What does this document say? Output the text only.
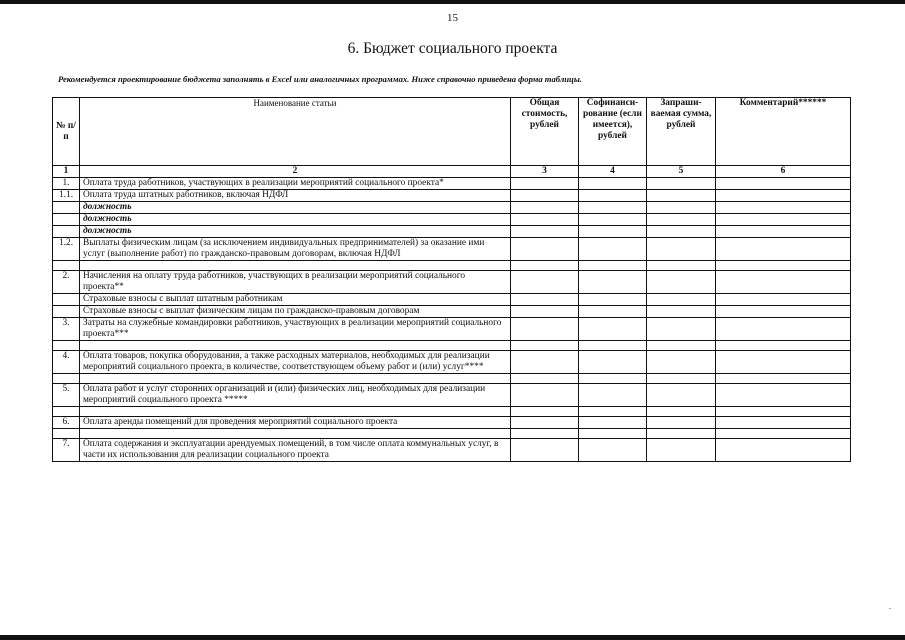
15
6. Бюджет социального проекта
Рекомендуется проектирование бюджета заполнять в Excel или аналогичных программах. Ниже справочно приведена форма таблицы.
№ п/п	Наименование статьи	Общая стоимость, рублей	Софинанси-рование (если имеется), рублей	Запраши-ваемая сумма, рублей	Комментарий******
1	2	3	4	5	6
1.	Оплата труда работников, участвующих в реализации мероприятий социального проекта*				
1.1.	Оплата труда штатных работников, включая НДФЛ				
	должность				
	должность				
	должность				
1.2.	Выплаты физическим лицам (за исключением индивидуальных предпринимателей) за оказание ими услуг (выполнение работ) по гражданско-правовым договорам, включая НДФЛ				

2.	Начисления на оплату труда работников, участвующих в реализации мероприятий социального проекта**				
	Страховые взносы с выплат штатным работникам				
	Страховые взносы с выплат физическим лицам по гражданско-правовым договорам				
3.	Затраты на служебные командировки работников, участвующих в реализации мероприятий социального проекта***				

4.	Оплата товаров, покупка оборудования, а также расходных материалов, необходимых для реализации мероприятий социального проекта, в количестве, соответствующем объему работ и (или) услуг****				

5.	Оплата работ и услуг сторонних организаций и (или) физических лиц, необходимых для реализации мероприятий социального проекта *****				

6.	Оплата аренды помещений для проведения мероприятий социального проекта				

7.	Оплата содержания и эксплуатации арендуемых помещений, в том числе оплата коммунальных услуг, в части их использования для реализации социального проекта				
.
